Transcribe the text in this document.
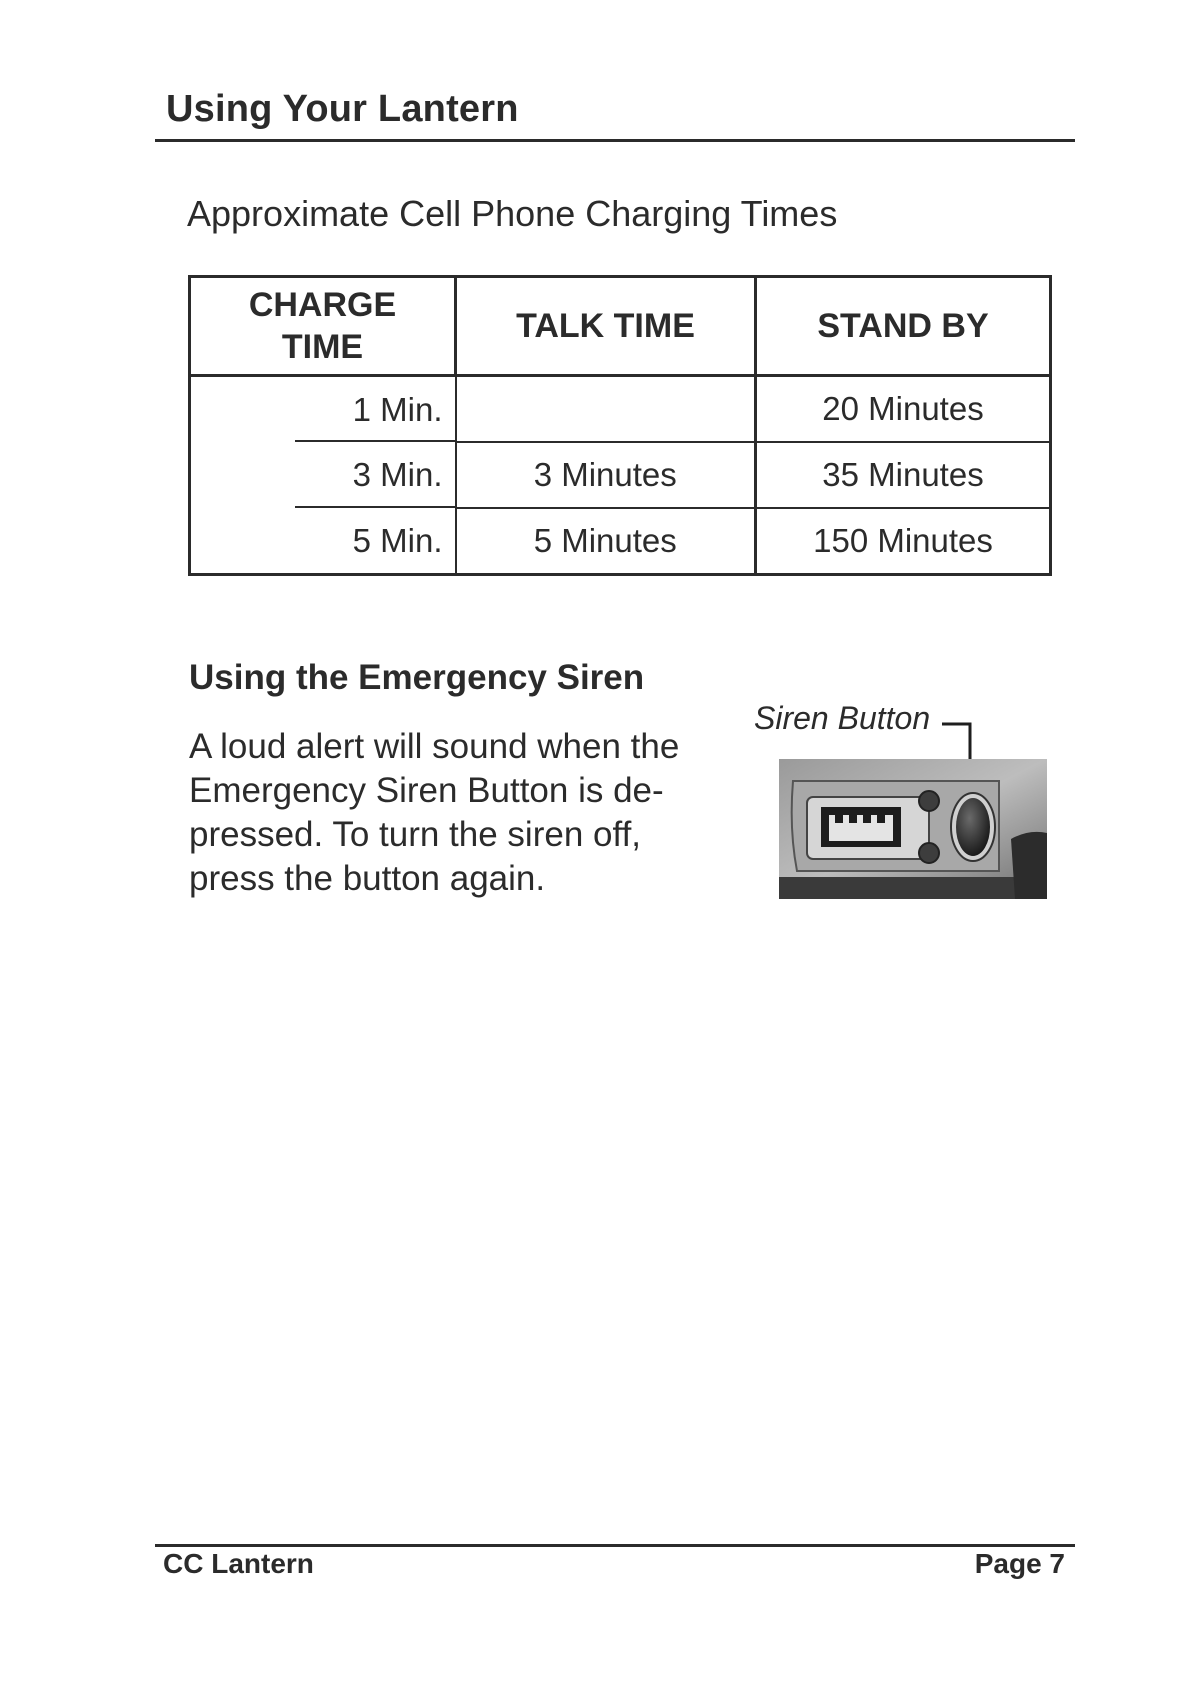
Using Your Lantern
Approximate Cell Phone Charging Times
CHARGE TIME	TALK TIME	STAND BY
1 Min.		20 Minutes
3 Min.	3 Minutes	35 Minutes
5 Min.	5 Minutes	150 Minutes
Using the Emergency Siren

A loud alert will sound when the Emergency Siren Button is de-pressed. To turn the siren off, press the button again.

Siren Button
CC Lantern	Page 7
